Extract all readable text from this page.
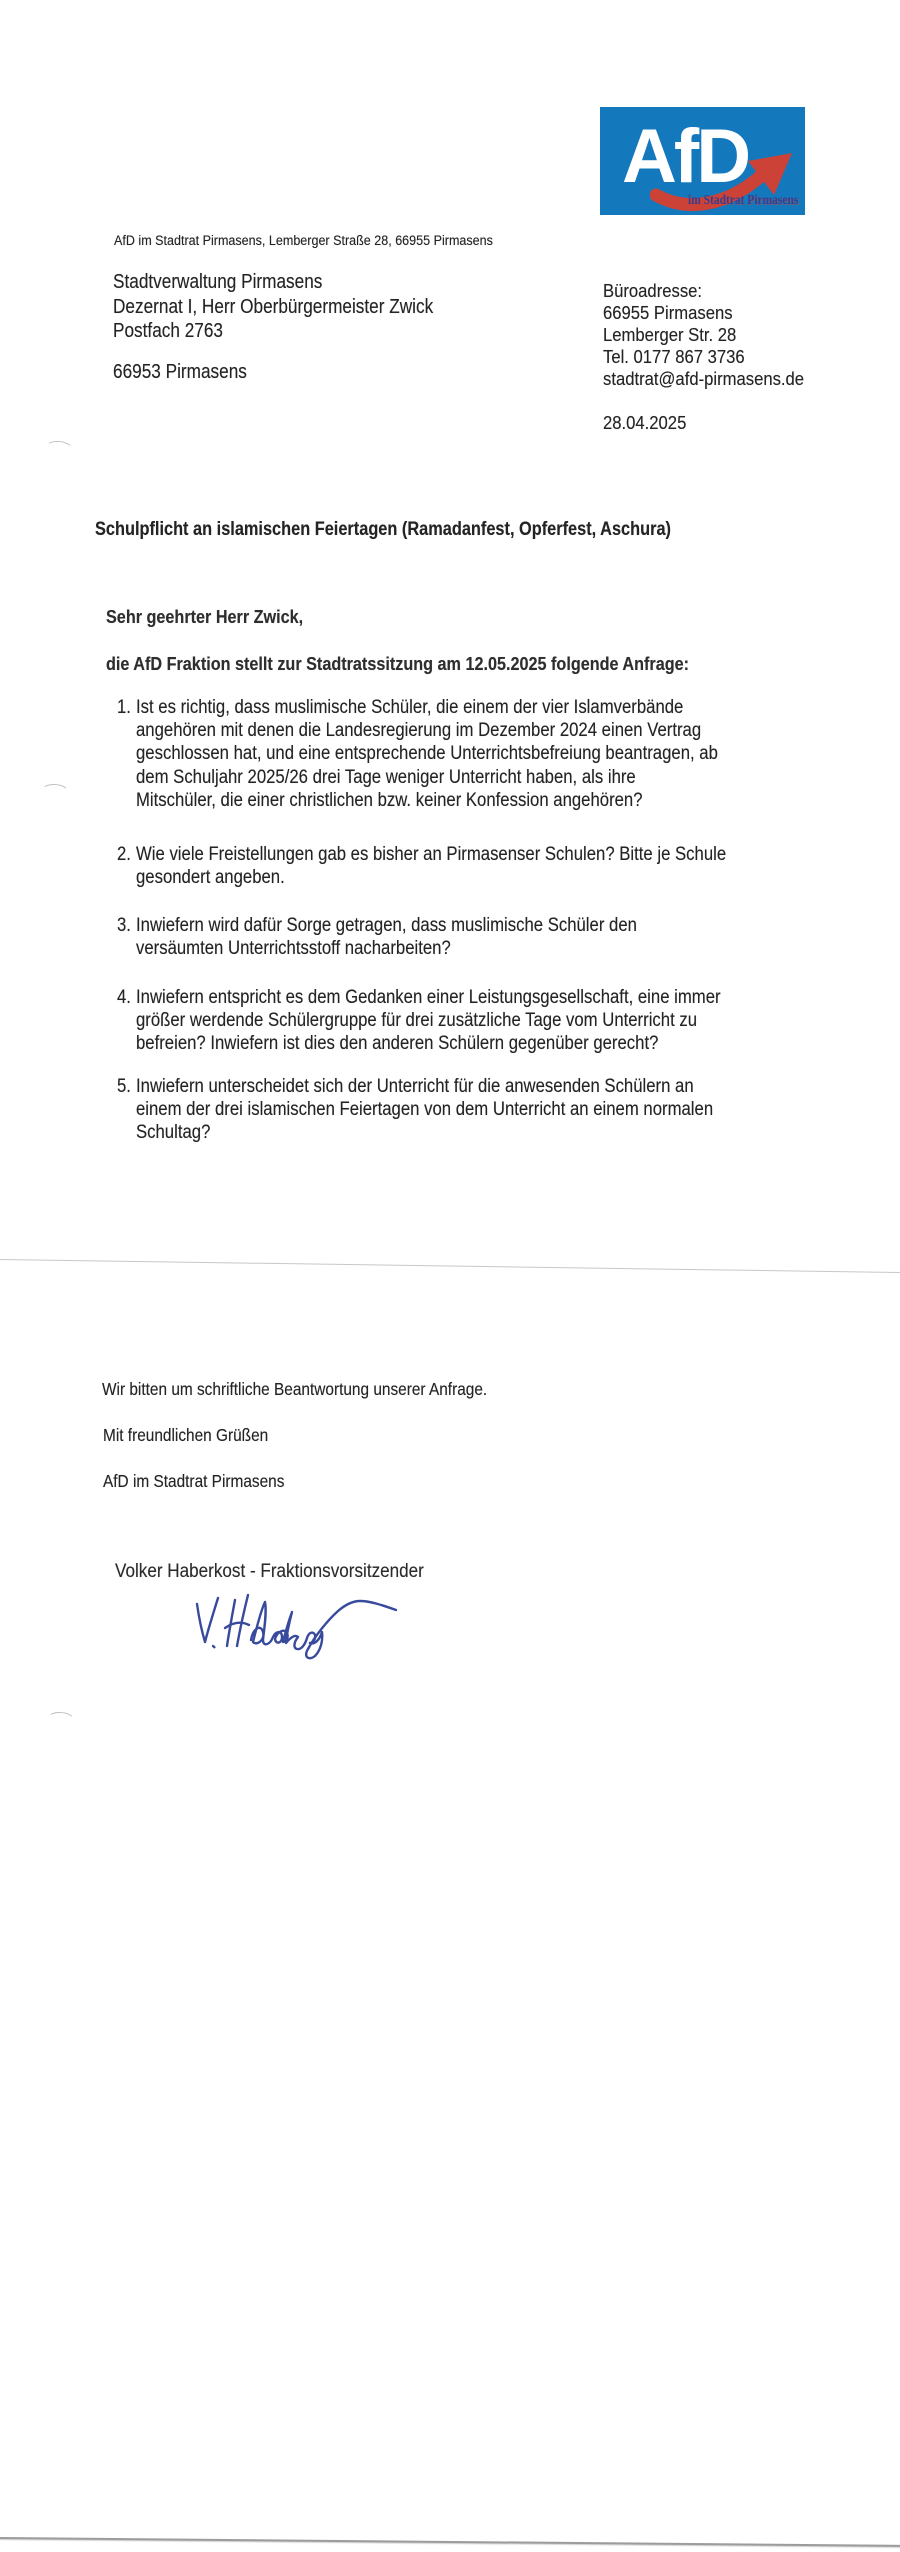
AfD
im Stadtrat Pirmasens
AfD im Stadtrat Pirmasens, Lemberger Straße 28, 66955 Pirmasens
Stadtverwaltung Pirmasens
Dezernat I, Herr Oberbürgermeister Zwick
Postfach 2763
66953 Pirmasens
Büroadresse:
66955 Pirmasens
Lemberger Str. 28
Tel. 0177 867 3736
stadtrat@afd-pirmasens.de
28.04.2025
Schulpflicht an islamischen Feiertagen (Ramadanfest, Opferfest, Aschura)
Sehr geehrter Herr Zwick,
die AfD Fraktion stellt zur Stadtratssitzung am 12.05.2025 folgende Anfrage:
1. Ist es richtig, dass muslimische Schüler, die einem der vier Islamverbände
angehören mit denen die Landesregierung im Dezember 2024 einen Vertrag
geschlossen hat, und eine entsprechende Unterrichtsbefreiung beantragen, ab
dem Schuljahr 2025/26 drei Tage weniger Unterricht haben, als ihre
Mitschüler, die einer christlichen bzw. keiner Konfession angehören?
2. Wie viele Freistellungen gab es bisher an Pirmasenser Schulen? Bitte je Schule
gesondert angeben.
3. Inwiefern wird dafür Sorge getragen, dass muslimische Schüler den
versäumten Unterrichtsstoff nacharbeiten?
4. Inwiefern entspricht es dem Gedanken einer Leistungsgesellschaft, eine immer
größer werdende Schülergruppe für drei zusätzliche Tage vom Unterricht zu
befreien? Inwiefern ist dies den anderen Schülern gegenüber gerecht?
5. Inwiefern unterscheidet sich der Unterricht für die anwesenden Schülern an
einem der drei islamischen Feiertagen von dem Unterricht an einem normalen
Schultag?
Wir bitten um schriftliche Beantwortung unserer Anfrage.
Mit freundlichen Grüßen
AfD im Stadtrat Pirmasens
Volker Haberkost - Fraktionsvorsitzender
